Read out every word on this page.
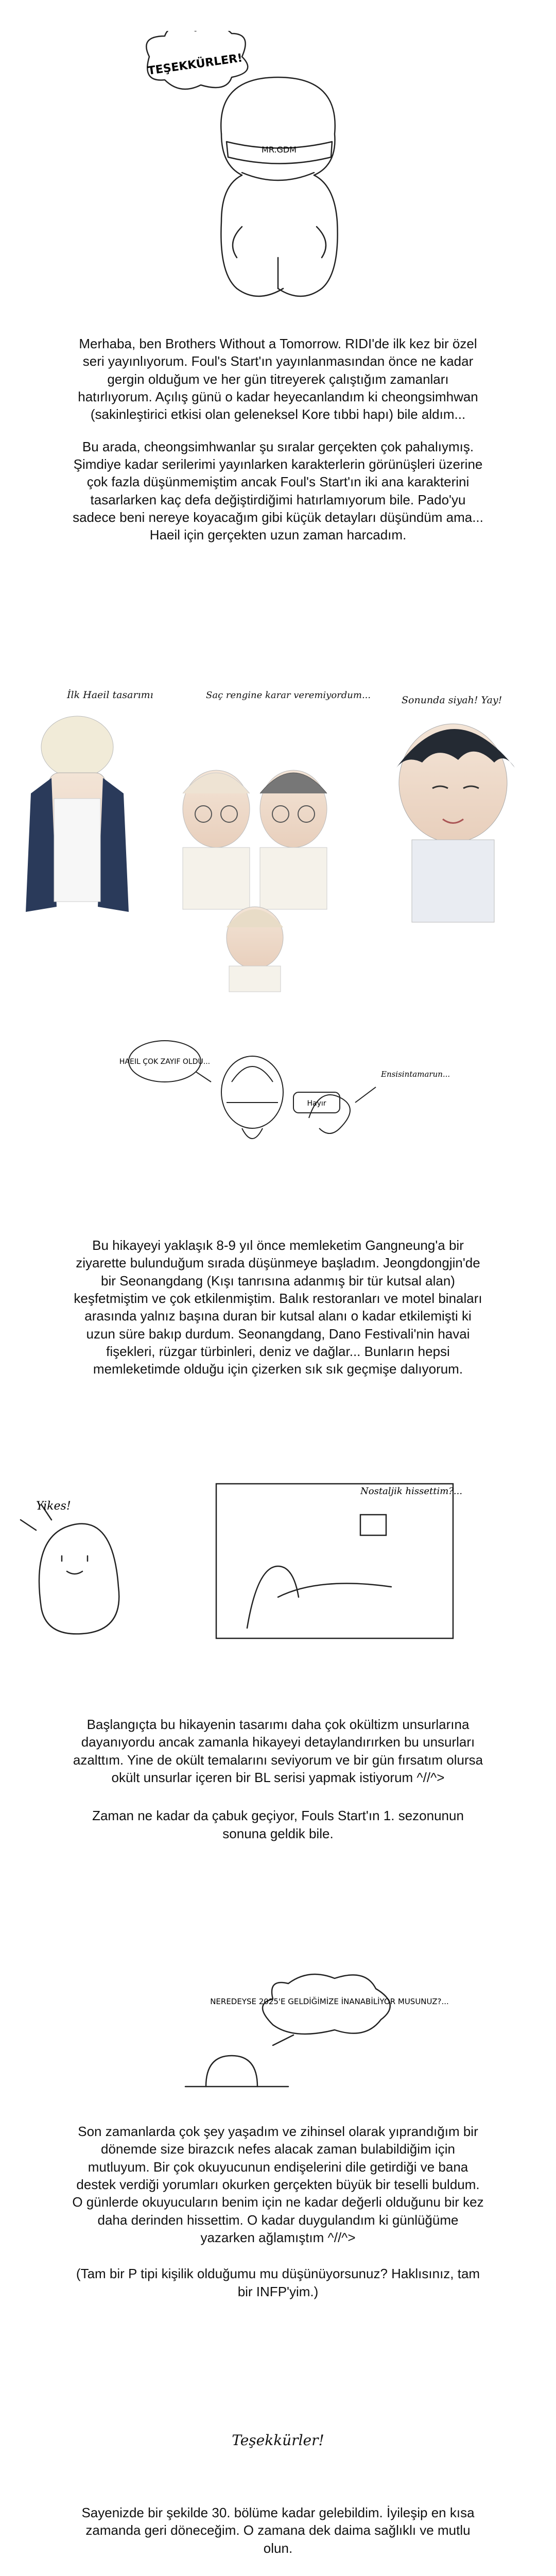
TEŞEKKÜRLER!
MR.GDM

Merhaba, ben Brothers Without a Tomorrow. RIDI'de ilk kez bir özel seri yayınlıyorum. Foul's Start'ın yayınlanmasından önce ne kadar gergin olduğum ve her gün titreyerek çalıştığım zamanları hatırlıyorum. Açılış günü o kadar heyecanlandım ki cheongsimhwan (sakinleştirici etkisi olan geleneksel Kore tıbbi hapı) bile aldım...

Bu arada, cheongsimhwanlar şu sıralar gerçekten çok pahalıymış. Şimdiye kadar serilerimi yayınlarken karakterlerin görünüşleri üzerine çok fazla düşünmemiştim ancak Foul's Start'ın iki ana karakterini tasarlarken kaç defa değiştirdiğimi hatırlamıyorum bile. Pado'yu sadece beni nereye koyacağım gibi küçük detayları düşündüm ama... Haeil için gerçekten uzun zaman harcadım.

İlk Haeil tasarımı	Saç rengine karar veremiyordum...	Sonunda siyah! Yay!
HAEIL ÇOK ZAYIF OLDU...
Ensisintamarun...
Hayır

Bu hikayeyi yaklaşık 8-9 yıl önce memleketim Gangneung'a bir ziyarette bulunduğum sırada düşünmeye başladım. Jeongdongjin'de bir Seonangdang (Kışı tanrısına adanmış bir tür kutsal alan) keşfetmiştim ve çok etkilenmiştim. Balık restoranları ve motel binaları arasında yalnız başına duran bir kutsal alanı o kadar etkilemişti ki uzun süre bakıp durdum. Seonangdang, Dano Festivali'nin havai fişekleri, rüzgar türbinleri, deniz ve dağlar... Bunların hepsi memleketimde olduğu için çizerken sık sık geçmişe dalıyorum.

Yikes!
Nostaljik hissettim?...

Başlangıçta bu hikayenin tasarımı daha çok okültizm unsurlarına dayanıyordu ancak zamanla hikayeyi detaylandırırken bu unsurları azalttım. Yine de okült temalarını seviyorum ve bir gün fırsatım olursa okült unsurlar içeren bir BL serisi yapmak istiyorum ^//^>

Zaman ne kadar da çabuk geçiyor, Fouls Start'ın 1. sezonunun sonuna geldik bile.

NEREDEYSE 2025'E GELDİĞİMİZE İNANABİLİYOR MUSUNUZ?...

Son zamanlarda çok şey yaşadım ve zihinsel olarak yıprandığım bir dönemde size birazcık nefes alacak zaman bulabildiğim için mutluyum. Bir çok okuyucunun endişelerini dile getirdiği ve bana destek verdiği yorumları okurken gerçekten büyük bir teselli buldum. O günlerde okuyucuların benim için ne kadar değerli olduğunu bir kez daha derinden hissettim. O kadar duygulandım ki günlüğüme yazarken ağlamıştım ^//^>

(Tam bir P tipi kişilik olduğumu mu düşünüyorsunuz? Haklısınız, tam bir INFP'yim.)

Teşekkürler!

Sayenizde bir şekilde 30. bölüme kadar gelebildim. İyileşip en kısa zamanda geri döneceğim. O zamana dek daima sağlıklı ve mutlu olun.
